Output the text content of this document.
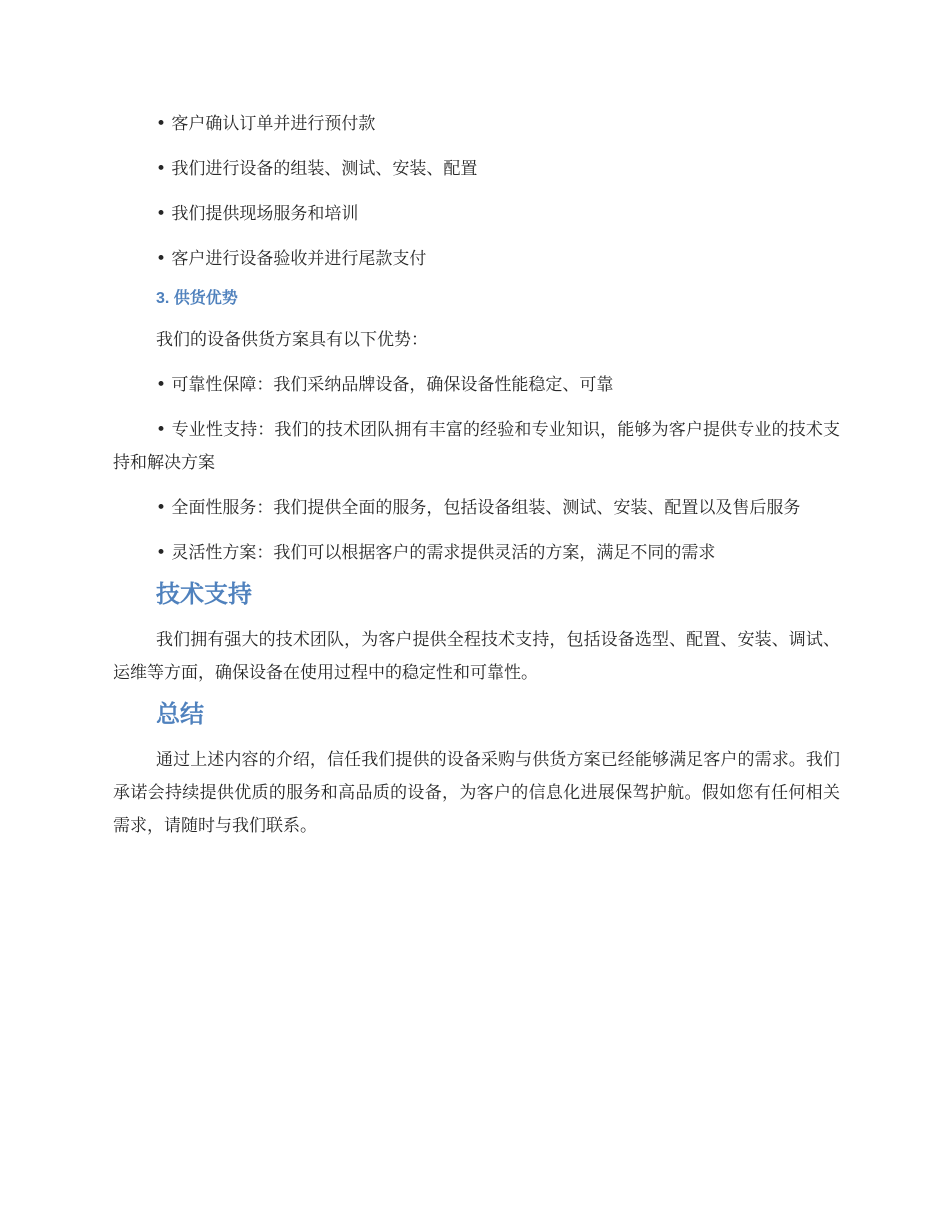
• 客户确认订单并进行预付款

• 我们进行设备的组装、测试、安装、配置

• 我们提供现场服务和培训

• 客户进行设备验收并进行尾款支付

3. 供货优势

我们的设备供货方案具有以下优势：

• 可靠性保障：我们采纳品牌设备，确保设备性能稳定、可靠

• 专业性支持：我们的技术团队拥有丰富的经验和专业知识，能够为客户提供专业的技术支持和解决方案

• 全面性服务：我们提供全面的服务，包括设备组装、测试、安装、配置以及售后服务

• 灵活性方案：我们可以根据客户的需求提供灵活的方案，满足不同的需求

技术支持

我们拥有强大的技术团队，为客户提供全程技术支持，包括设备选型、配置、安装、调试、运维等方面，确保设备在使用过程中的稳定性和可靠性。

总结

通过上述内容的介绍，信任我们提供的设备采购与供货方案已经能够满足客户的需求。我们承诺会持续提供优质的服务和高品质的设备，为客户的信息化进展保驾护航。假如您有任何相关需求，请随时与我们联系。
